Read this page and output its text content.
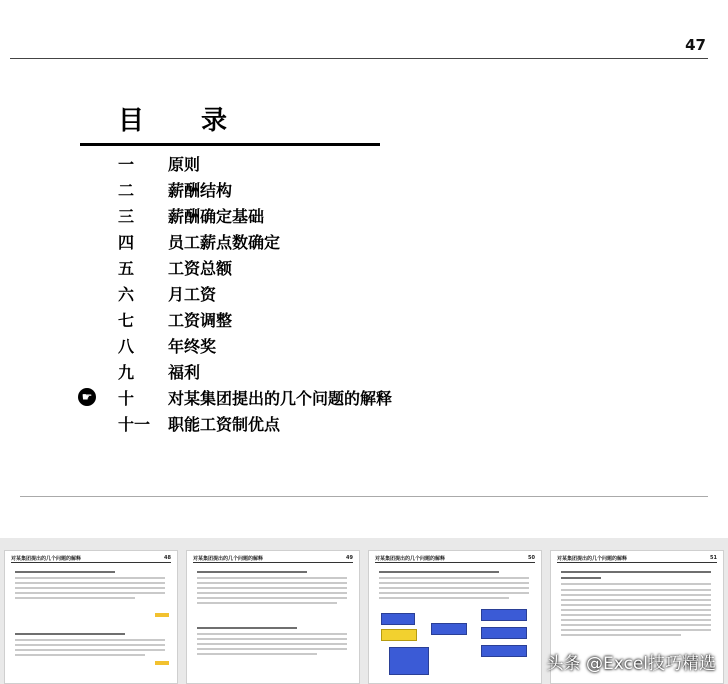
47
目 录
一	原则
二	薪酬结构
三	薪酬确定基础
四	员工薪点数确定
五	工资总额
六	月工资
七	工资调整
八	年终奖
九	福利
☛ 十	对某集团提出的几个问题的解释
十一	职能工资制优点
对某集团提出的几个问题的解释	48	对某集团提出的几个问题的解释	49	对某集团提出的几个问题的解释	50	对某集团提出的几个问题的解释	51
头条 @Excel技巧精选
